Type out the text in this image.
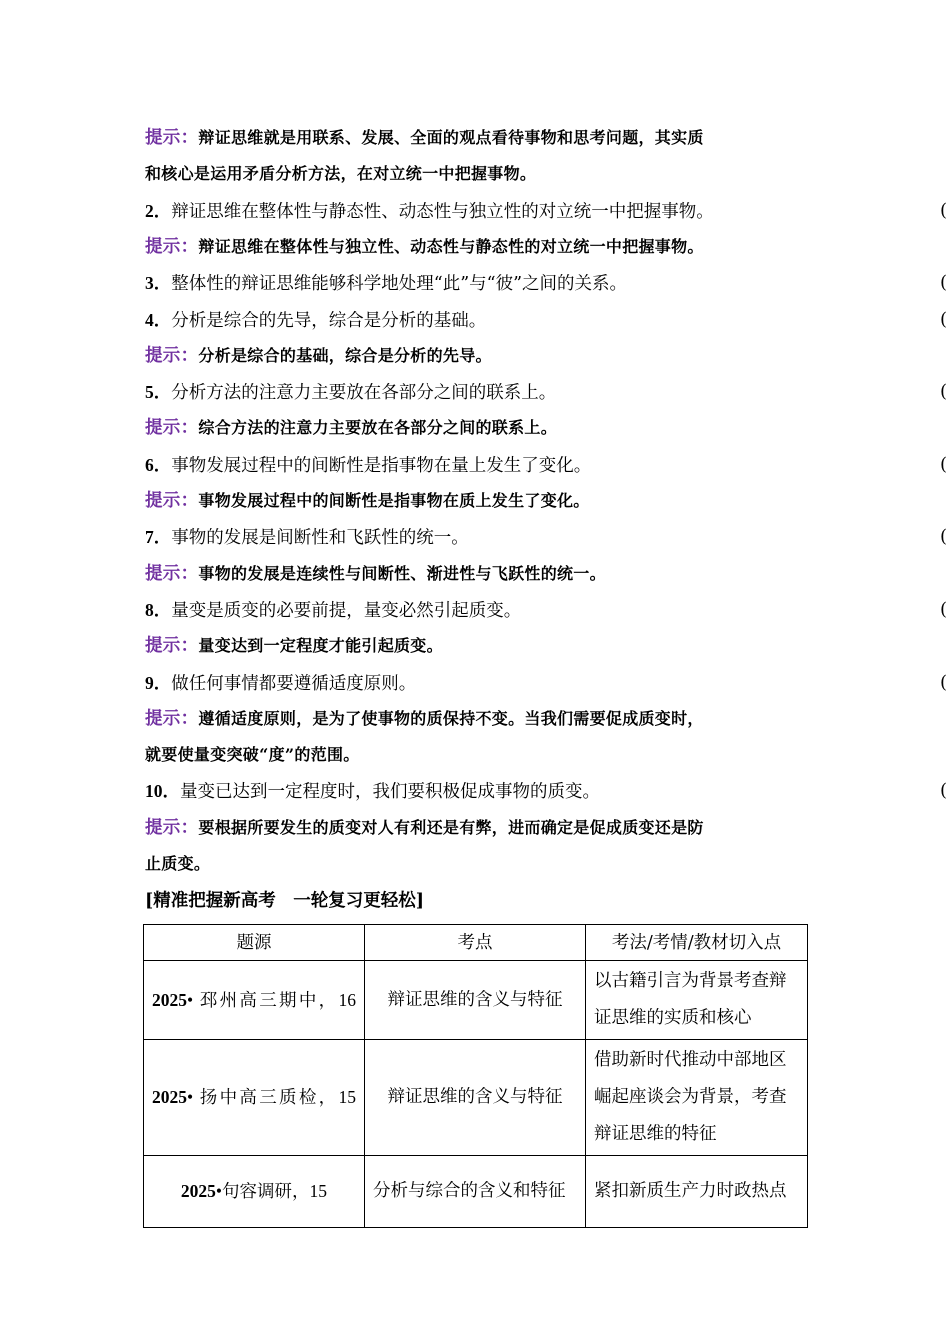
提示：辩证思维就是用联系、发展、全面的观点看待事物和思考问题，其实质
和核心是运用矛盾分析方法，在对立统一中把握事物。
(
2．辩证思维在整体性与静态性、动态性与独立性的对立统一中把握事物。
提示：辩证思维在整体性与独立性、动态性与静态性的对立统一中把握事物。
(
3．整体性的辩证思维能够科学地处理“此”与“彼”之间的关系。
(
4．分析是综合的先导，综合是分析的基础。
提示：分析是综合的基础，综合是分析的先导。
(
5．分析方法的注意力主要放在各部分之间的联系上。
提示：综合方法的注意力主要放在各部分之间的联系上。
(
6．事物发展过程中的间断性是指事物在量上发生了变化。
提示：事物发展过程中的间断性是指事物在质上发生了变化。
(
7．事物的发展是间断性和飞跃性的统一。
提示：事物的发展是连续性与间断性、渐进性与飞跃性的统一。
(
8．量变是质变的必要前提，量变必然引起质变。
提示：量变达到一定程度才能引起质变。
(
9．做任何事情都要遵循适度原则。
提示：遵循适度原则，是为了使事物的质保持不变。当我们需要促成质变时，
就要使量变突破“度”的范围。
(
10．量变已达到一定程度时，我们要积极促成事物的质变。
提示：要根据所要发生的质变对人有利还是有弊，进而确定是促成质变还是防
止质变。
[精准把握新高考　一轮复习更轻松]
题源	考点	考法/考情/教材切入点
2025• 邳州高三期中，16	辩证思维的含义与特征	以古籍引言为背景考查辩证思维的实质和核心
2025• 扬中高三质检，15	辩证思维的含义与特征	借助新时代推动中部地区崛起座谈会为背景，考查辩证思维的特征
2025•句容调研，15	分析与综合的含义和特征	紧扣新质生产力时政热点
